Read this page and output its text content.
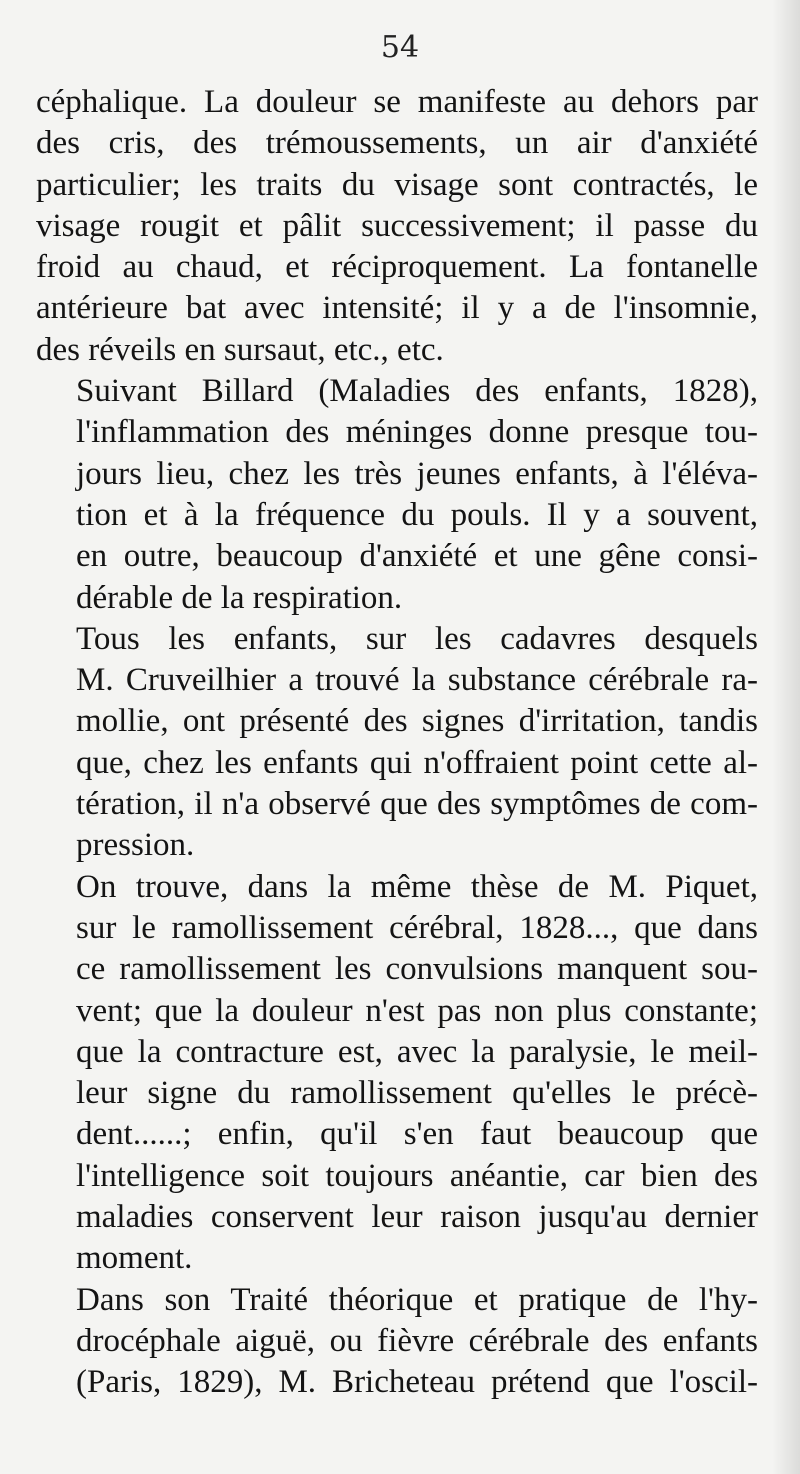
54

céphalique. La douleur se manifeste au dehors par
des cris, des trémoussements, un air d'anxiété
particulier; les traits du visage sont contractés, le
visage rougit et pâlit successivement; il passe du
froid au chaud, et réciproquement. La fontanelle
antérieure bat avec intensité; il y a de l'insomnie,
des réveils en sursaut, etc., etc.

Suivant Billard (Maladies des enfants, 1828),
l'inflammation des méninges donne presque tou-
jours lieu, chez les très jeunes enfants, à l'éléva-
tion et à la fréquence du pouls. Il y a souvent,
en outre, beaucoup d'anxiété et une gêne consi-
dérable de la respiration.

Tous les enfants, sur les cadavres desquels
M. Cruveilhier a trouvé la substance cérébrale ra-
mollie, ont présenté des signes d'irritation, tandis
que, chez les enfants qui n'offraient point cette al-
tération, il n'a observé que des symptômes de com-
pression.

On trouve, dans la même thèse de M. Piquet,
sur le ramollissement cérébral, 1828..., que dans
ce ramollissement les convulsions manquent sou-
vent; que la douleur n'est pas non plus constante;
que la contracture est, avec la paralysie, le meil-
leur signe du ramollissement qu'elles le précè-
dent......; enfin, qu'il s'en faut beaucoup que
l'intelligence soit toujours anéantie, car bien des
maladies conservent leur raison jusqu'au dernier
moment.

Dans son Traité théorique et pratique de l'hy-
drocéphale aiguë, ou fièvre cérébrale des enfants
(Paris, 1829), M. Bricheteau prétend que l'oscil-
